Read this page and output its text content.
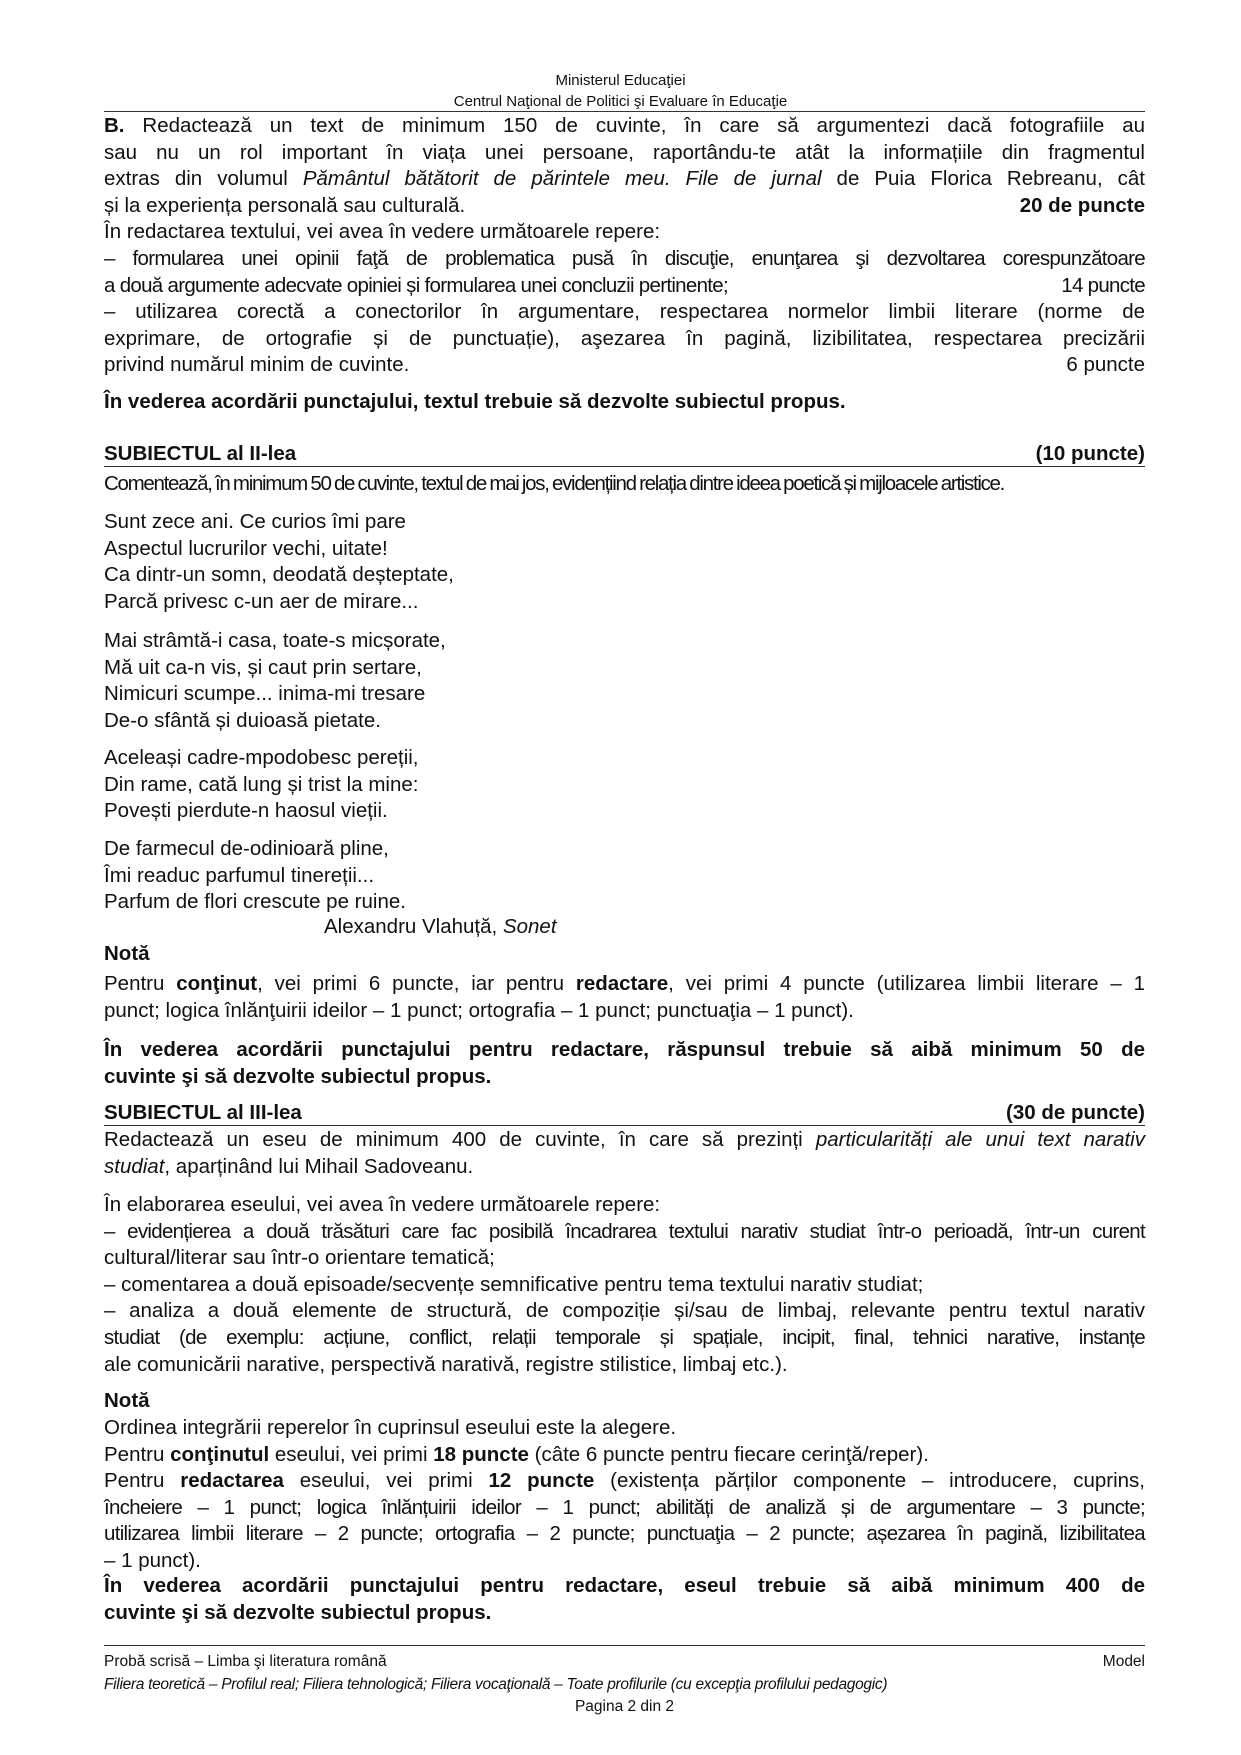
Ministerul Educaţiei
Centrul Naţional de Politici şi Evaluare în Educaţie
B. Redactează un text de minimum 150 de cuvinte, în care să argumentezi dacă fotografiile au
sau nu un rol important în viața unei persoane, raportându-te atât la informațiile din fragmentul
extras din volumul Pământul bătătorit de părintele meu. File de jurnal de Puia Florica Rebreanu, cât
și la experiența personală sau culturală.	20 de puncte
În redactarea textului, vei avea în vedere următoarele repere:
– formularea unei opinii faţă de problematica pusă în discuţie, enunţarea şi dezvoltarea corespunzătoare
a două argumente adecvate opiniei și formularea unei concluzii pertinente;	14 puncte
– utilizarea corectă a conectorilor în argumentare, respectarea normelor limbii literare (norme de
exprimare, de ortografie și de punctuație), aşezarea în pagină, lizibilitatea, respectarea precizării
privind numărul minim de cuvinte.	6 puncte
În vederea acordării punctajului, textul trebuie să dezvolte subiectul propus.
SUBIECTUL al II-lea	(10 puncte)
Comentează, în minimum 50 de cuvinte, textul de mai jos, evidențiind relația dintre ideea poetică și mijloacele artistice.
Sunt zece ani. Ce curios îmi pare
Aspectul lucrurilor vechi, uitate!
Ca dintr-un somn, deodată deșteptate,
Parcă privesc c-un aer de mirare...
Mai strâmtă-i casa, toate-s micșorate,
Mă uit ca-n vis, și caut prin sertare,
Nimicuri scumpe... inima-mi tresare
De-o sfântă și duioasă pietate.
Aceleași cadre-mpodobesc pereții,
Din rame, cată lung și trist la mine:
Povești pierdute-n haosul vieții.
De farmecul de-odinioară pline,
Îmi readuc parfumul tinereții...
Parfum de flori crescute pe ruine.
Alexandru Vlahuță, Sonet
Notă
Pentru conţinut, vei primi 6 puncte, iar pentru redactare, vei primi 4 puncte (utilizarea limbii literare – 1
punct; logica înlănţuirii ideilor – 1 punct; ortografia – 1 punct; punctuaţia – 1 punct).
În vederea acordării punctajului pentru redactare, răspunsul trebuie să aibă minimum 50 de
cuvinte şi să dezvolte subiectul propus.
SUBIECTUL al III-lea	(30 de puncte)
Redactează un eseu de minimum 400 de cuvinte, în care să prezinți particularități ale unui text narativ
studiat, aparținând lui Mihail Sadoveanu.
În elaborarea eseului, vei avea în vedere următoarele repere:
– evidențierea a două trăsături care fac posibilă încadrarea textului narativ studiat într-o perioadă, într-un curent
cultural/literar sau într-o orientare tematică;
– comentarea a două episoade/secvențe semnificative pentru tema textului narativ studiat;
– analiza a două elemente de structură, de compoziție și/sau de limbaj, relevante pentru textul narativ
studiat (de exemplu: acțiune, conflict, relații temporale și spațiale, incipit, final, tehnici narative, instanțe
ale comunicării narative, perspectivă narativă, registre stilistice, limbaj etc.).
Notă
Ordinea integrării reperelor în cuprinsul eseului este la alegere.
Pentru conţinutul eseului, vei primi 18 puncte (câte 6 puncte pentru fiecare cerinţă/reper).
Pentru redactarea eseului, vei primi 12 puncte (existența părților componente – introducere, cuprins,
încheiere – 1 punct; logica înlănțuirii ideilor – 1 punct; abilități de analiză și de argumentare – 3 puncte;
utilizarea limbii literare – 2 puncte; ortografia – 2 puncte; punctuaţia – 2 puncte; așezarea în pagină, lizibilitatea
– 1 punct).
În vederea acordării punctajului pentru redactare, eseul trebuie să aibă minimum 400 de
cuvinte şi să dezvolte subiectul propus.
Probă scrisă – Limba şi literatura română	Model
Filiera teoretică – Profilul real; Filiera tehnologică; Filiera vocaţională – Toate profilurile (cu excepţia profilului pedagogic)
Pagina 2 din 2
